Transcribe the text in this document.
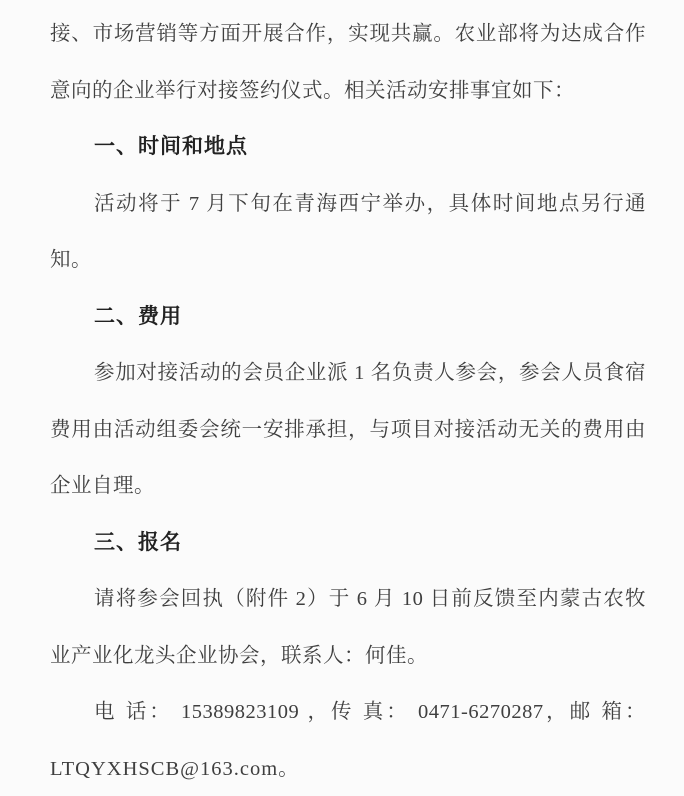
接、市场营销等方面开展合作，实现共赢。农业部将为达成合作
意向的企业举行对接签约仪式。相关活动安排事宜如下：
一、时间和地点
活动将于 7 月下旬在青海西宁举办，具体时间地点另行通
知。
二、费用
参加对接活动的会员企业派 1 名负责人参会，参会人员食宿
费用由活动组委会统一安排承担，与项目对接活动无关的费用由
企业自理。
三、报名
请将参会回执（附件 2）于 6 月 10 日前反馈至内蒙古农牧
业产业化龙头企业协会，联系人：何佳。
电 话： 15389823109 ，传 真： 0471-6270287，邮 箱：
LTQYXHSCB@163.com。
